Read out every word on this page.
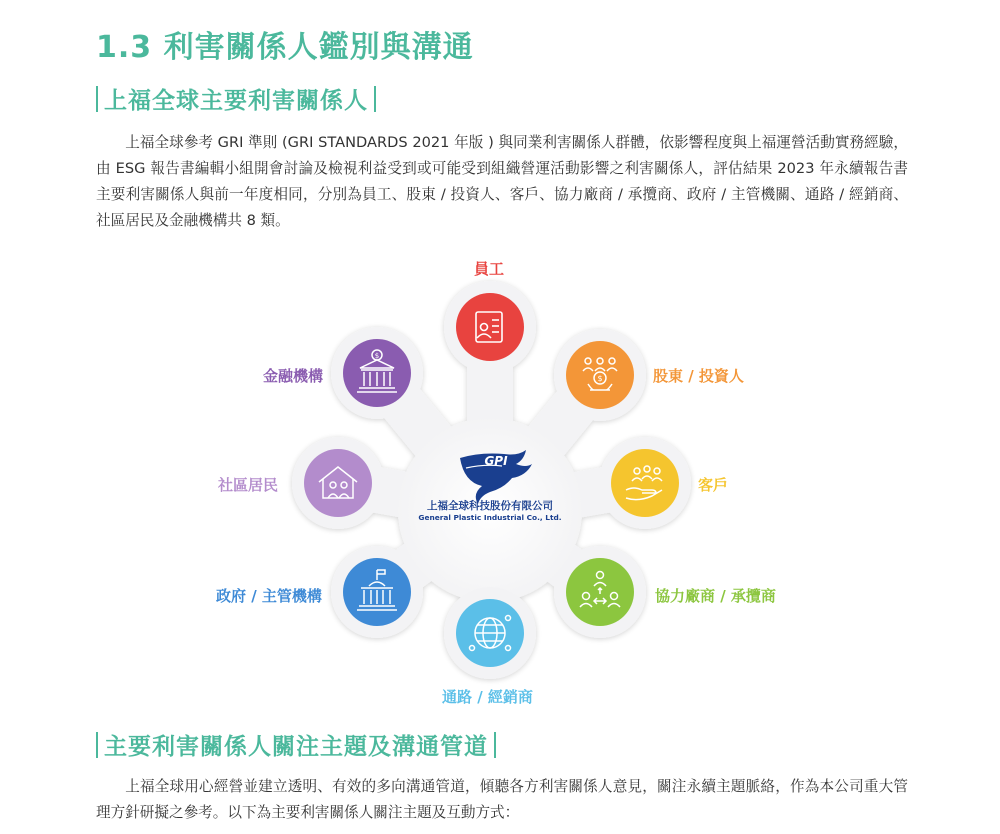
1.3 利害關係人鑑別與溝通
上福全球主要利害關係人

上福全球參考 GRI 準則 (GRI STANDARDS 2021 年版 ) 與同業利害關係人群體，依影響程度與上福運營活動實務經驗，由 ESG 報告書編輯小組開會討論及檢視利益受到或可能受到組織營運活動影響之利害關係人，評估結果 2023 年永續報告書主要利害關係人與前一年度相同，分別為員工、股東 / 投資人、客戶、協力廠商 / 承攬商、政府 / 主管機關、通路 / 經銷商、社區居民及金融機構共 8 類。

$
$
GPI
員工
股東 / 投資人
客戶
協力廠商 / 承攬商
通路 / 經銷商
政府 / 主管機構
社區居民
金融機構
上福全球科技股份有限公司
General Plastic Industrial Co., Ltd.
主要利害關係人關注主題及溝通管道

上福全球用心經營並建立透明、有效的多向溝通管道，傾聽各方利害關係人意見，關注永續主題脈絡，作為本公司重大管理方針研擬之參考。以下為主要利害關係人關注主題及互動方式：
